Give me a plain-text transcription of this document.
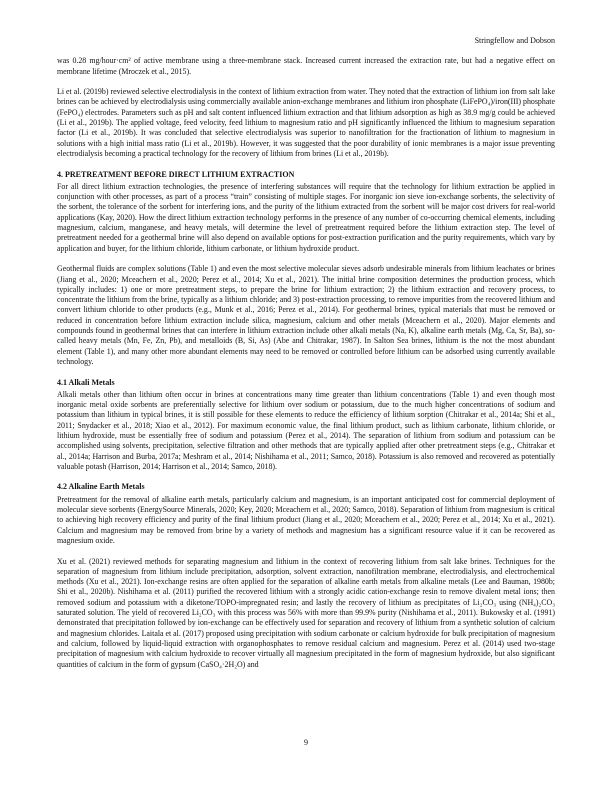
Stringfellow and Dobson

was 0.28 mg/hour·cm² of active membrane using a three-membrane stack. Increased current increased the extraction rate, but had a negative effect on membrane lifetime (Mroczek et al., 2015).

Li et al. (2019b) reviewed selective electrodialysis in the context of lithium extraction from water. They noted that the extraction of lithium ion from salt lake brines can be achieved by electrodialysis using commercially available anion-exchange membranes and lithium iron phosphate (LiFePO₄)/iron(III) phosphate (FePO₄) electrodes. Parameters such as pH and salt content influenced lithium extraction and that lithium adsorption as high as 38.9 mg/g could be achieved (Li et al., 2019b). The applied voltage, feed velocity, feed lithium to magnesium ratio and pH significantly influenced the lithium to magnesium separation factor (Li et al., 2019b). It was concluded that selective electrodialysis was superior to nanofiltration for the fractionation of lithium to magnesium in solutions with a high initial mass ratio (Li et al., 2019b). However, it was suggested that the poor durability of ionic membranes is a major issue preventing electrodialysis becoming a practical technology for the recovery of lithium from brines (Li et al., 2019b).

4. PRETREATMENT BEFORE DIRECT LITHIUM EXTRACTION

For all direct lithium extraction technologies, the presence of interfering substances will require that the technology for lithium extraction be applied in conjunction with other processes, as part of a process “train” consisting of multiple stages. For inorganic ion sieve ion-exchange sorbents, the selectivity of the sorbent, the tolerance of the sorbent for interfering ions, and the purity of the lithium extracted from the sorbent will be major cost drivers for real-world applications (Kay, 2020). How the direct lithium extraction technology performs in the presence of any number of co-occurring chemical elements, including magnesium, calcium, manganese, and heavy metals, will determine the level of pretreatment required before the lithium extraction step. The level of pretreatment needed for a geothermal brine will also depend on available options for post-extraction purification and the purity requirements, which vary by application and buyer, for the lithium chloride, lithium carbonate, or lithium hydroxide product.

Geothermal fluids are complex solutions (Table 1) and even the most selective molecular sieves adsorb undesirable minerals from lithium leachates or brines (Jiang et al., 2020; Mceachern et al., 2020; Perez et al., 2014; Xu et al., 2021). The initial brine composition determines the production process, which typically includes: 1) one or more pretreatment steps, to prepare the brine for lithium extraction; 2) the lithium extraction and recovery process, to concentrate the lithium from the brine, typically as a lithium chloride; and 3) post-extraction processing, to remove impurities from the recovered lithium and convert lithium chloride to other products (e.g., Munk et al., 2016; Perez et al., 2014). For geothermal brines, typical materials that must be removed or reduced in concentration before lithium extraction include silica, magnesium, calcium and other metals (Mceachern et al., 2020). Major elements and compounds found in geothermal brines that can interfere in lithium extraction include other alkali metals (Na, K), alkaline earth metals (Mg, Ca, Sr, Ba), so-called heavy metals (Mn, Fe, Zn, Pb), and metalloids (B, Si, As) (Abe and Chitrakar, 1987). In Salton Sea brines, lithium is the not the most abundant element (Table 1), and many other more abundant elements may need to be removed or controlled before lithium can be adsorbed using currently available technology.

4.1 Alkali Metals

Alkali metals other than lithium often occur in brines at concentrations many time greater than lithium concentrations (Table 1) and even though most inorganic metal oxide sorbents are preferentially selective for lithium over sodium or potassium, due to the much higher concentrations of sodium and potassium than lithium in typical brines, it is still possible for these elements to reduce the efficiency of lithium sorption (Chitrakar et al., 2014a; Shi et al., 2011; Snydacker et al., 2018; Xiao et al., 2012). For maximum economic value, the final lithium product, such as lithium carbonate, lithium chloride, or lithium hydroxide, must be essentially free of sodium and potassium (Perez et al., 2014). The separation of lithium from sodium and potassium can be accomplished using solvents, precipitation, selective filtration and other methods that are typically applied after other pretreatment steps (e.g., Chitrakar et al., 2014a; Harrison and Burba, 2017a; Meshram et al., 2014; Nishihama et al., 2011; Samco, 2018). Potassium is also removed and recovered as potentially valuable potash (Harrison, 2014; Harrison et al., 2014; Samco, 2018).

4.2 Alkaline Earth Metals

Pretreatment for the removal of alkaline earth metals, particularly calcium and magnesium, is an important anticipated cost for commercial deployment of molecular sieve sorbents (EnergySource Minerals, 2020; Key, 2020; Mceachern et al., 2020; Samco, 2018). Separation of lithium from magnesium is critical to achieving high recovery efficiency and purity of the final lithium product (Jiang et al., 2020; Mceachern et al., 2020; Perez et al., 2014; Xu et al., 2021). Calcium and magnesium may be removed from brine by a variety of methods and magnesium has a significant resource value if it can be recovered as magnesium oxide.

Xu et al. (2021) reviewed methods for separating magnesium and lithium in the context of recovering lithium from salt lake brines. Techniques for the separation of magnesium from lithium include precipitation, adsorption, solvent extraction, nanofiltration membrane, electrodialysis, and electrochemical methods (Xu et al., 2021). Ion-exchange resins are often applied for the separation of alkaline earth metals from alkaline metals (Lee and Bauman, 1980b; Shi et al., 2020b). Nishihama et al. (2011) purified the recovered lithium with a strongly acidic cation-exchange resin to remove divalent metal ions; then removed sodium and potassium with a diketone/TOPO-impregnated resin; and lastly the recovery of lithium as precipitates of Li₂CO₃ using (NH₄)₂CO₃ saturated solution. The yield of recovered Li₂CO₃ with this process was 56% with more than 99.9% purity (Nishihama et al., 2011). Bukowsky et al. (1991) demonstrated that precipitation followed by ion-exchange can be effectively used for separation and recovery of lithium from a synthetic solution of calcium and magnesium chlorides. Laitala et al. (2017) proposed using precipitation with sodium carbonate or calcium hydroxide for bulk precipitation of magnesium and calcium, followed by liquid-liquid extraction with organophosphates to remove residual calcium and magnesium. Perez et al. (2014) used two-stage precipitation of magnesium with calcium hydroxide to recover virtually all magnesium precipitated in the form of magnesium hydroxide, but also significant quantities of calcium in the form of gypsum (CaSO₄·2H₂O) and

9
